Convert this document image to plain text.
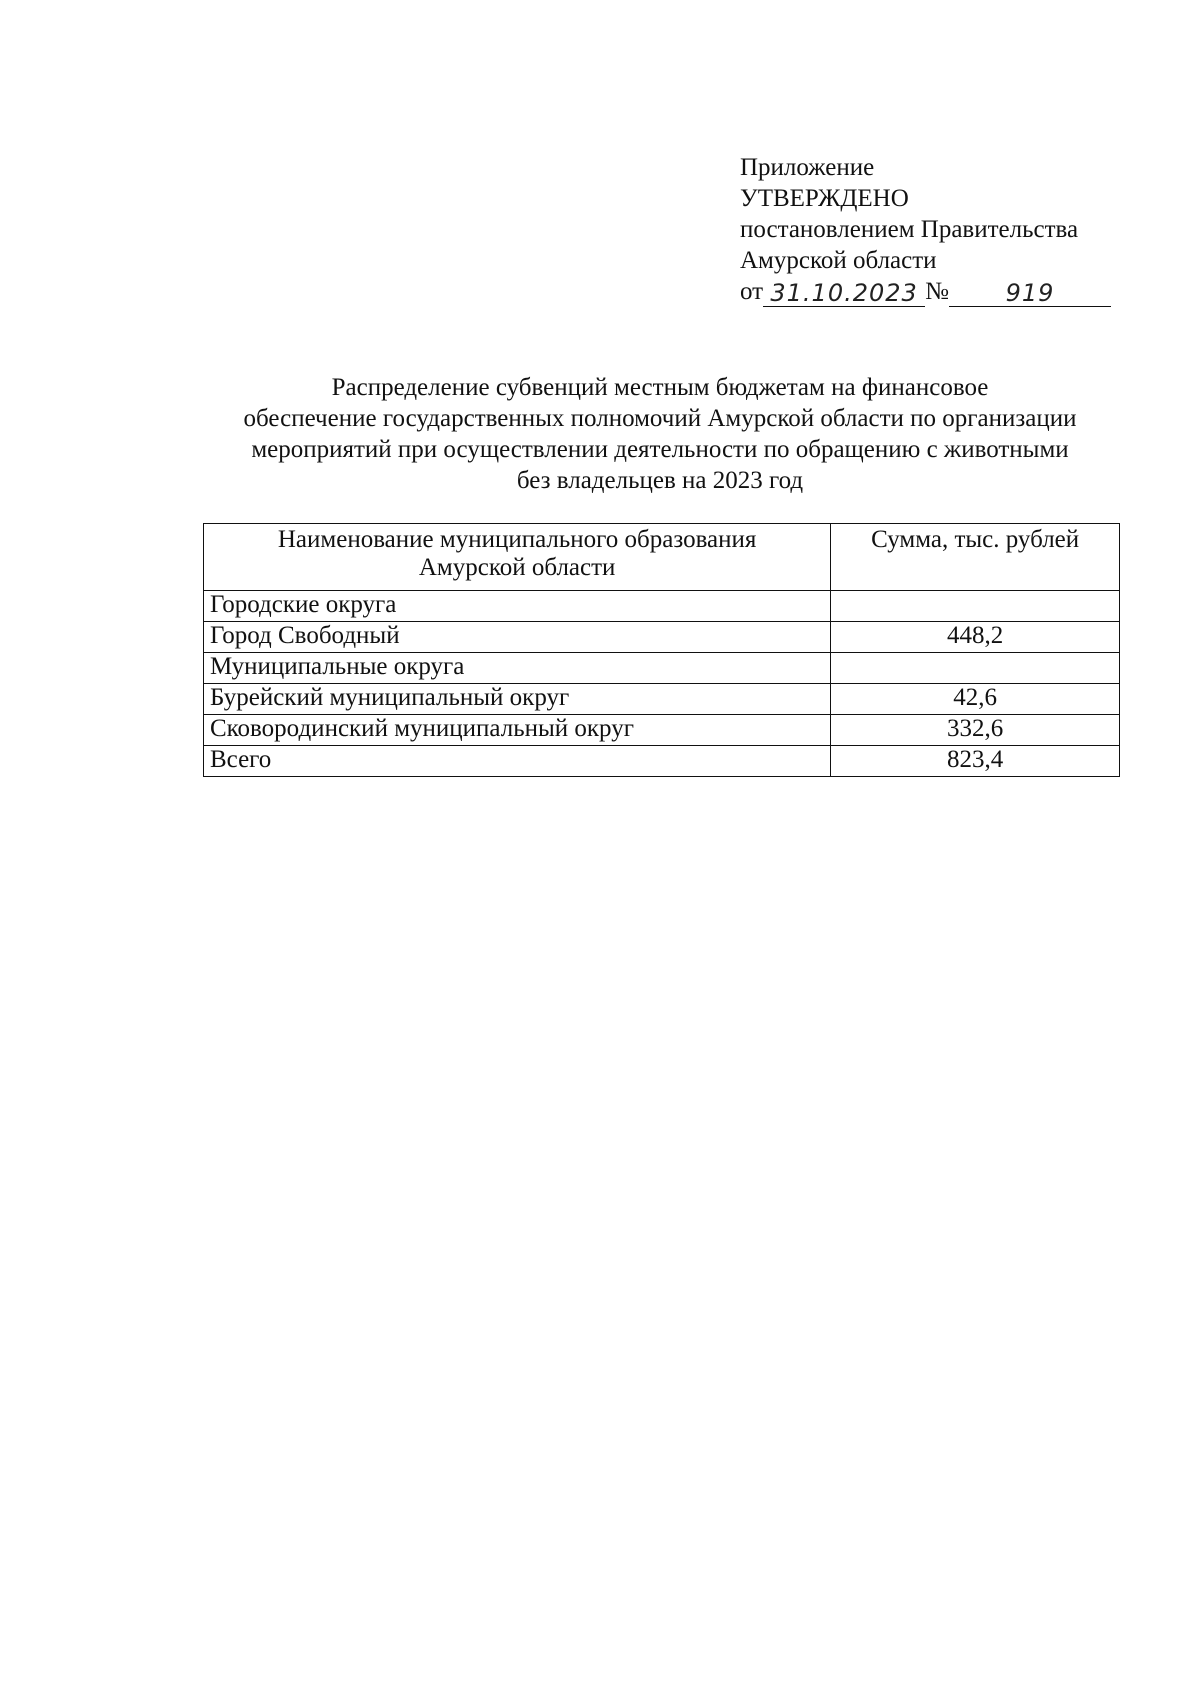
Приложение
УТВЕРЖДЕНО
постановлением Правительства
Амурской области
от 31.10.2023 №	919
Распределение субвенций местным бюджетам на финансовое
обеспечение государственных полномочий Амурской области по организации
мероприятий при осуществлении деятельности по обращению с животными
без владельцев на 2023 год
Наименование муниципального образования
Амурской области	Сумма, тыс. рублей
Городские округа	
Город Свободный	448,2
Муниципальные округа	
Бурейский муниципальный округ	42,6
Сковородинский муниципальный округ	332,6
Всего	823,4
